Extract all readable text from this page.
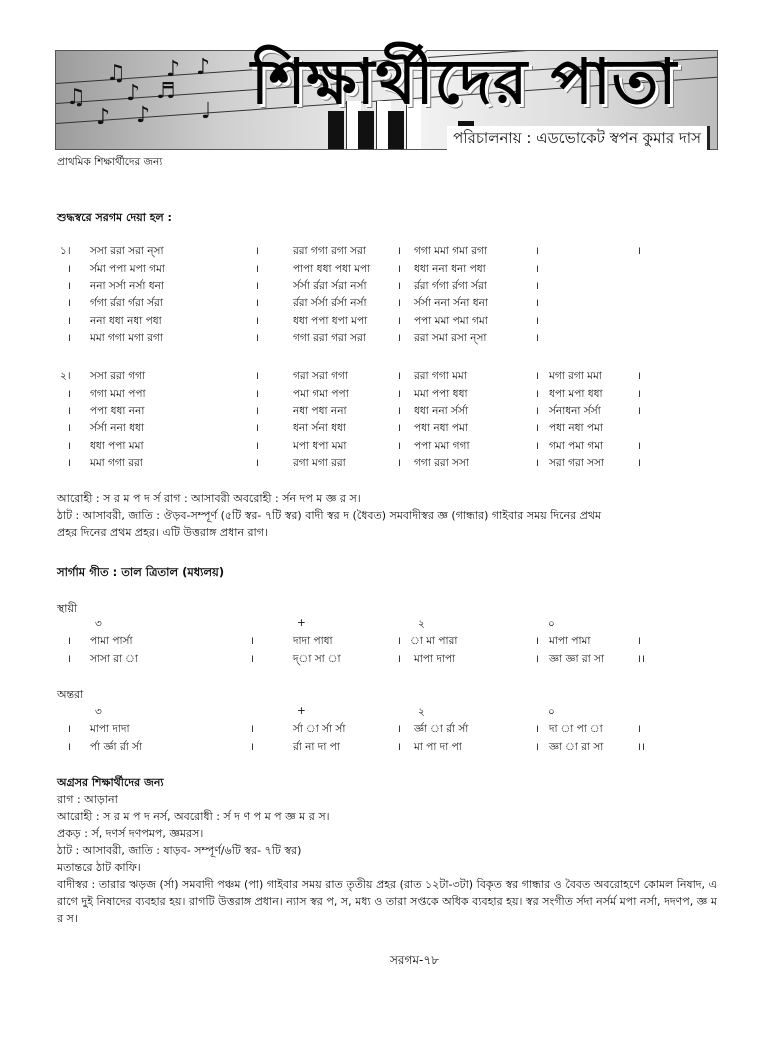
♫ ♪ ♪
♫ ♪ ♬
♪ ♪ ♩ শিক্ষার্থীদের পাতা
পরিচালনায় : এডভোকেট স্বপন কুমার দাস
প্রাথমিক শিক্ষার্থীদের জন্য
শুদ্ধস্বরে সরগম দেয়া হল :
১। সসা ররা সরা ন্‌সা	।	ররা গগা রগা সরা	। গগা মমা গমা রগা	।	।
। র্সমা পপা মপা গমা	।	পাপা ধধা পধা মপা	। ধধা ননা ধনা পধা	।
। ননা সর্সা নর্সা ধনা	।	র্সর্সা র্ররা র্সরা নর্সা	। র্ররা র্গগা র্রগা র্সরা	।
। র্গগা র্ররা র্গরা র্সরা	।	র্ররা র্সর্সা র্রর্সা নর্সা	। র্সর্সা ননা র্সনা ধনা	।
। ননা ধধা নধা পধা	।	ধধা পপা ধপা মপা	। পপা মমা পমা গমা	।
। মমা গগা মগা রগা	।	গগা ররা গরা সরা	। ররা সমা রসা ন্‌সা	।
২। সসা ররা গগা	।	গরা সরা গগা	। ররা গগা মমা	। মগা রগা মমা	।
। গগা মমা পপা	।	পমা গমা পপা	। মমা পপা ধধা	। ধপা মপা ধধা	।
। পপা ধধা ননা	।	নধা পধা ননা	। ধধা ননা র্সর্সা	। র্সনাধনা র্সর্সা	।
। র্সর্সা ননা ধধা	।	ধনা র্সনা ধধা	। পধা নধা পমা	। পধা নধা পমা
। ধধা পপা মমা	।	মপা ধপা মমা	। পপা মমা গগা	। গমা পমা গমা	।
। মমা গগা ররা	।	রগা মগা ররা	। গগা ররা সসা	। সরা গরা সসা	।
আরোহী : স র ম প দ র্স রাগ : আসাবরী অবরোহী : র্সন দপ ম জ্ঞ র স।
ঠাট : আসাবরী, জাতি : ঔড়ব-সম্পূর্ণ (৫টি স্বর- ৭টি স্বর) বাদী স্বর দ (ধৈবত) সমবাদীস্বর জ্ঞ (গান্ধার) গাইবার সময় দিনের প্রথম
প্রহর দিনের প্রথম প্রহর। এটি উত্তরাঙ্গ প্রধান রাগ।
সার্গাম গীত : তাল ত্রিতাল (মধ্যলয়)
স্থায়ী
৩	+	২	০
। পামা পার্সা	।	দাদা পাধা	। া মা পারা	। মাপা পামা	।
। সাসা রা া	।	দ্া সা া	। মাপা দাপা	। জ্ঞা জ্ঞা রা সা	।।
অন্তরা
৩	+	২	০
। মাপা দাদা	।	র্সা া র্সা র্সা	। র্জ্ঞা া র্রা র্সা	। দা া পা া	।
। র্পা র্জ্ঞা র্রা র্সা	।	র্রা না দা পা	। মা পা দা পা	। জ্ঞা া রা সা	।।
অগ্রসর শিক্ষার্থীদের জন্য
রাগ : আড়ানা
আরোহী : স র ম প দ নর্স, অবরোধী : র্স দ ণ প ম প জ্ঞ ম র স।
প্রকড় : র্স, দণর্স দণপমপ, জ্ঞমরস।
ঠাট : আসাবরী, জাতি : ষাড়ব- সম্পূর্ণ/৬টি স্বর- ৭টি স্বর)
মতান্তরে ঠাট কাফি।
বাদীস্বর : তারার ঋড়জ (র্সা) সমবাদী পঞ্চম (পা) গাইবার সময় রাত তৃতীয় প্রহর (রাত ১২টা-৩টা) বিকৃত স্বর গান্ধার ও বৈবত অবরোহণে কোমল নিষাদ, এ রাগে দুই নিষাদের ব্যবহার হয়। রাগটি উত্তরাঙ্গ প্রধান। ন্যাস স্বর প, স, মধ্য ও তারা সপ্তকে অধিক ব্যবহার হয়। স্বর সংগীত র্সদা নর্সর্ম মপা নর্সা, দদণপ, জ্ঞ ম র স।
সরগম-৭৮
